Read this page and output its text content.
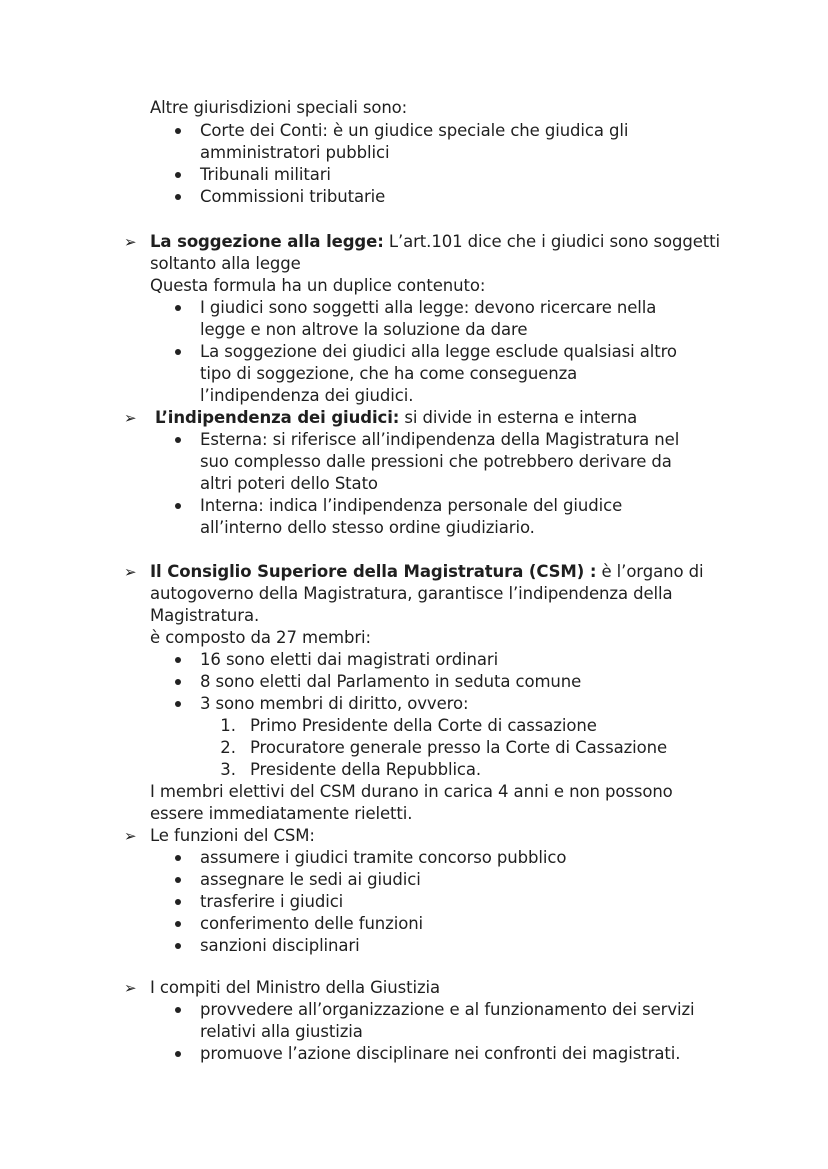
Altre giurisdizioni speciali sono:
Corte dei Conti: è un giudice speciale che giudica gli
amministratori pubblici
Tribunali militari
Commissioni tributarie
➢ La soggezione alla legge: L’art.101 dice che i giudici sono soggetti
soltanto alla legge
Questa formula ha un duplice contenuto:
I giudici sono soggetti alla legge: devono ricercare nella
legge e non altrove la soluzione da dare
La soggezione dei giudici alla legge esclude qualsiasi altro
tipo di soggezione, che ha come conseguenza
l’indipendenza dei giudici.
➢ L’indipendenza dei giudici: si divide in esterna e interna
Esterna: si riferisce all’indipendenza della Magistratura nel
suo complesso dalle pressioni che potrebbero derivare da
altri poteri dello Stato
Interna: indica l’indipendenza personale del giudice
all’interno dello stesso ordine giudiziario.
➢ Il Consiglio Superiore della Magistratura (CSM) : è l’organo di
autogoverno della Magistratura, garantisce l’indipendenza della
Magistratura.
è composto da 27 membri:
16 sono eletti dai magistrati ordinari
8 sono eletti dal Parlamento in seduta comune
3 sono membri di diritto, ovvero:
1. Primo Presidente della Corte di cassazione
2. Procuratore generale presso la Corte di Cassazione
3. Presidente della Repubblica.
I membri elettivi del CSM durano in carica 4 anni e non possono
essere immediatamente rieletti.
➢ Le funzioni del CSM:
assumere i giudici tramite concorso pubblico
assegnare le sedi ai giudici
trasferire i giudici
conferimento delle funzioni
sanzioni disciplinari
➢ I compiti del Ministro della Giustizia
provvedere all’organizzazione e al funzionamento dei servizi
relativi alla giustizia
promuove l’azione disciplinare nei confronti dei magistrati.
